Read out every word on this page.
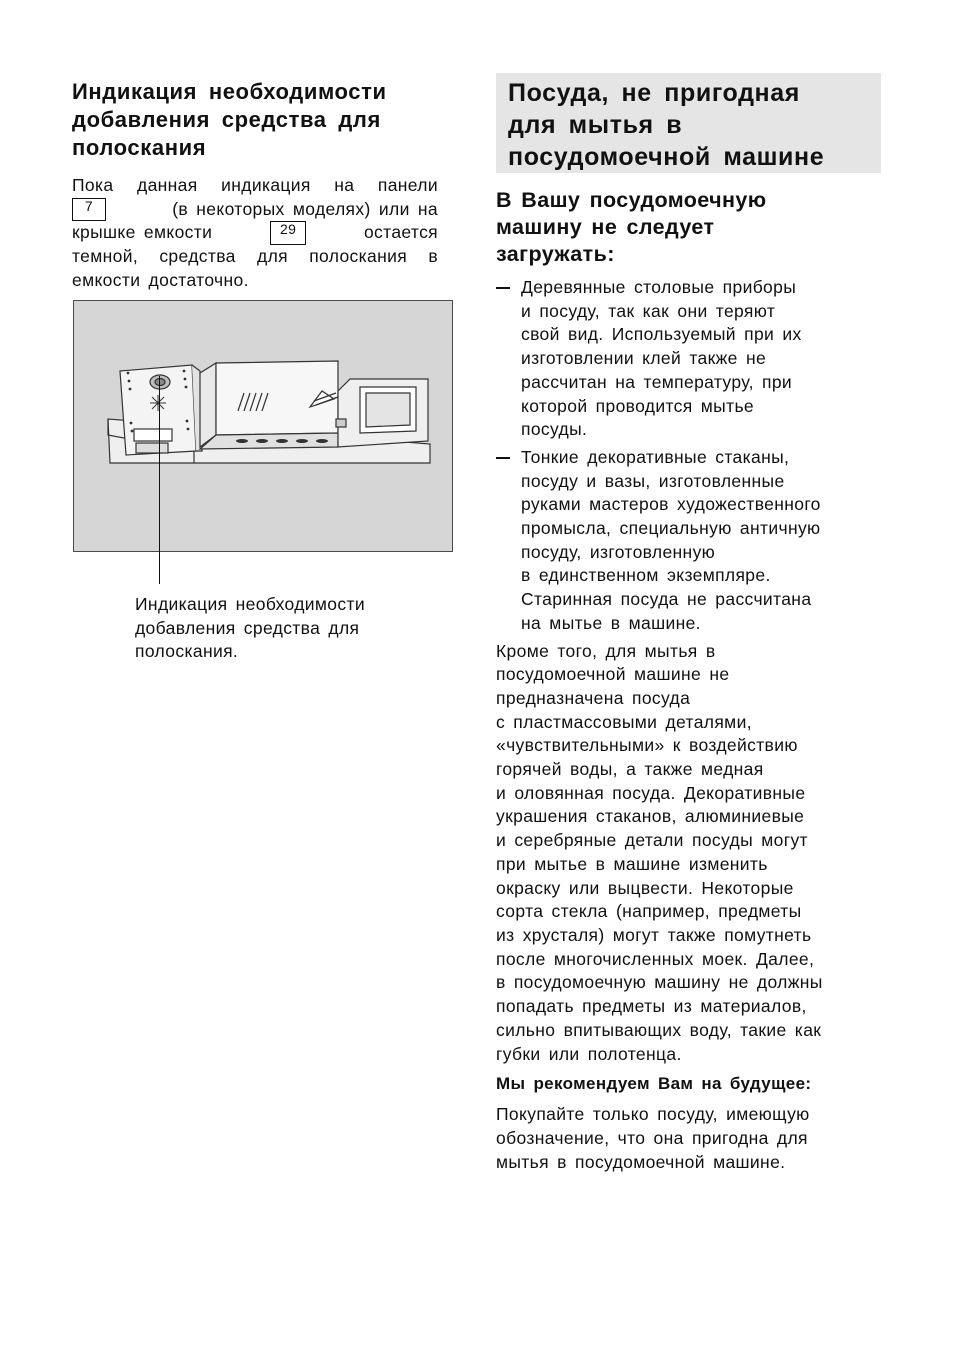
Индикация необходимости
добавления средства для
полоскания
Пока данная индикация на панели
7	(в некоторых моделях) или на
крышке емкости	29	остается
темной, средства для полоскания в
емкости достаточно.
Индикация необходимости
добавления средства для
полоскания.
Посуда, не пригодная
для мытья в
посудомоечной машине
В Вашу посудомоечную
машину не следует
загружать:
Деревянные столовые приборы
и посуду, так как они теряют
свой вид. Используемый при их
изготовлении клей также не
рассчитан на температуру, при
которой проводится мытье
посуды.
Тонкие декоративные стаканы,
посуду и вазы, изготовленные
руками мастеров художественного
промысла, специальную античную
посуду, изготовленную
в единственном экземпляре.
Старинная посуда не рассчитана
на мытье в машине.
Кроме того, для мытья в
посудомоечной машине не
предназначена посуда
с пластмассовыми деталями,
«чувствительными» к воздействию
горячей воды, а также медная
и оловянная посуда. Декоративные
украшения стаканов, алюминиевые
и серебряные детали посуды могут
при мытье в машине изменить
окраску или выцвести. Некоторые
сорта стекла (например, предметы
из хрусталя) могут также помутнеть
после многочисленных моек. Далее,
в посудомоечную машину не должны
попадать предметы из материалов,
сильно впитывающих воду, такие как
губки или полотенца.
Мы рекомендуем Вам на будущее:
Покупайте только посуду, имеющую
обозначение, что она пригодна для
мытья в посудомоечной машине.
